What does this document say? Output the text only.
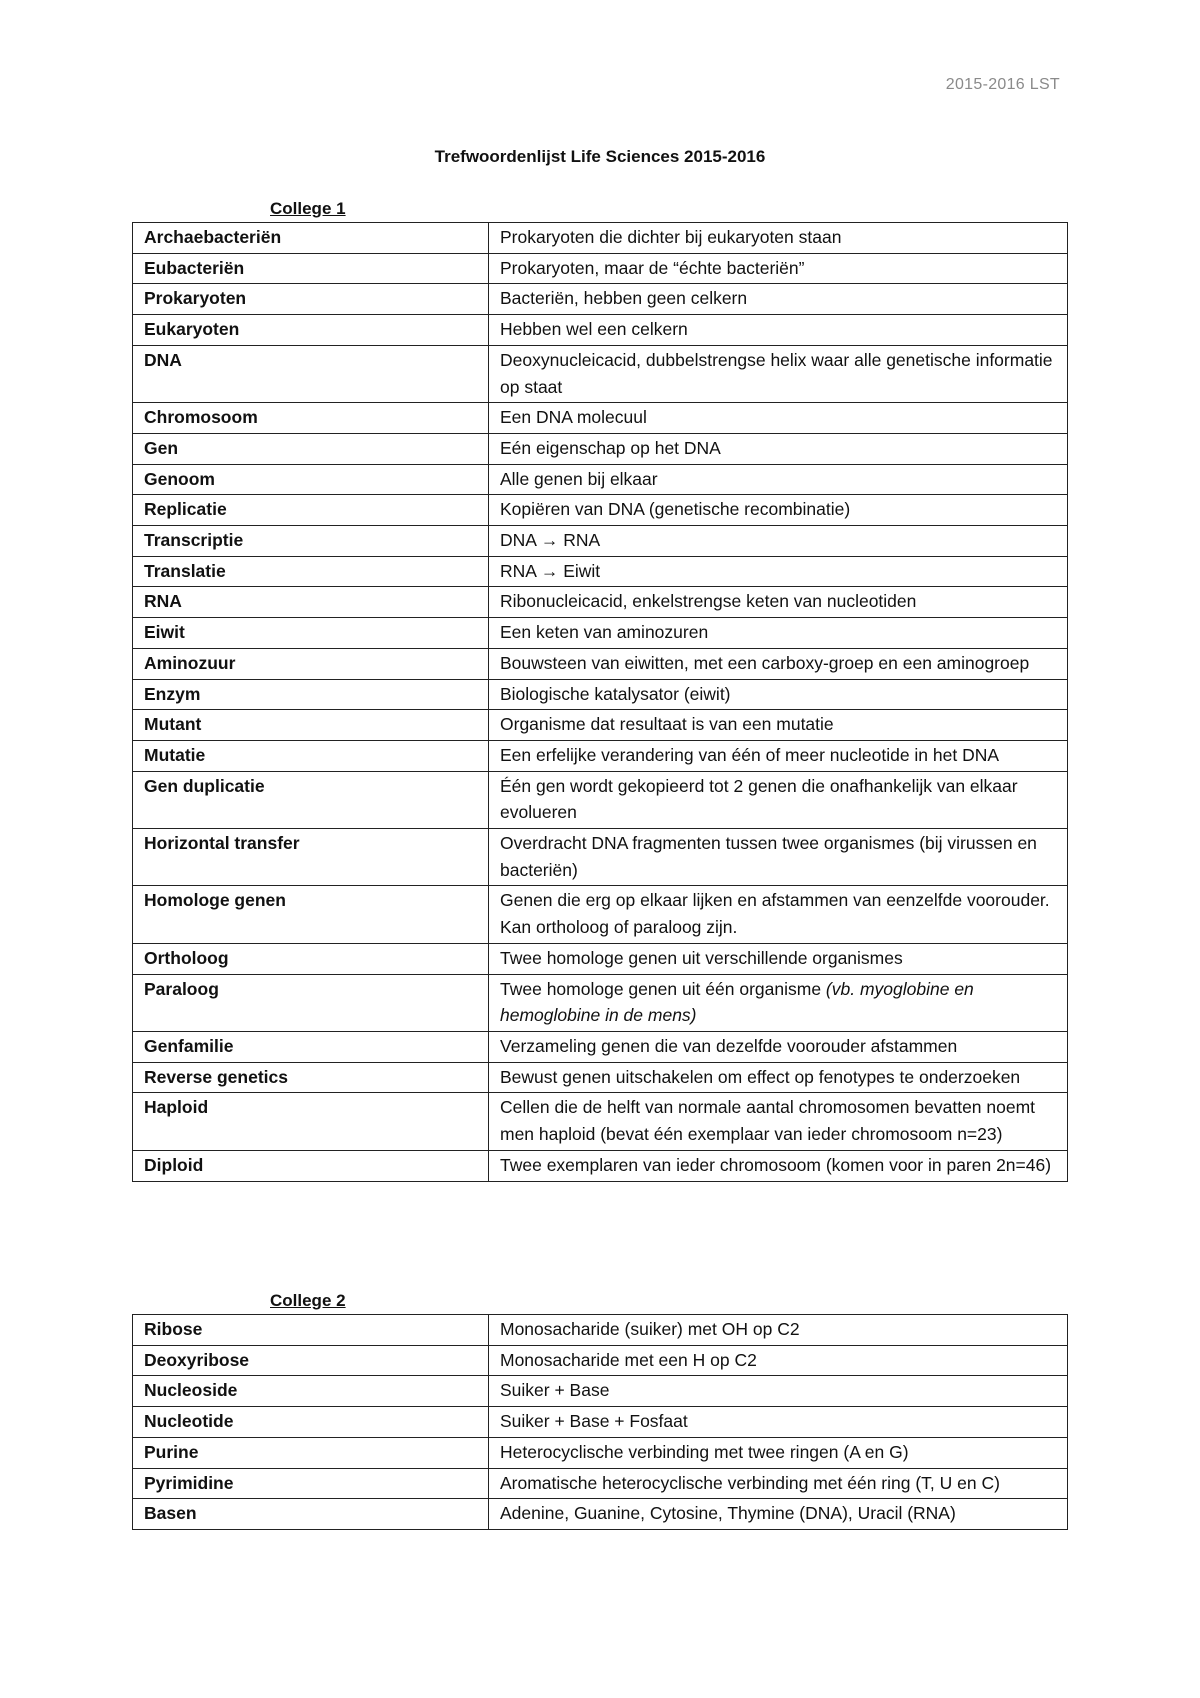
2015-2016 LST
Trefwoordenlijst Life Sciences 2015-2016
College 1
Archaebacteriën	Prokaryoten die dichter bij eukaryoten staan
Eubacteriën	Prokaryoten, maar de “échte bacteriën”
Prokaryoten	Bacteriën, hebben geen celkern
Eukaryoten	Hebben wel een celkern
DNA	Deoxynucleicacid, dubbelstrengse helix waar alle genetische informatie op staat
Chromosoom	Een DNA molecuul
Gen	Eén eigenschap op het DNA
Genoom	Alle genen bij elkaar
Replicatie	Kopiëren van DNA (genetische recombinatie)
Transcriptie	DNA → RNA
Translatie	RNA → Eiwit
RNA	Ribonucleicacid, enkelstrengse keten van nucleotiden
Eiwit	Een keten van aminozuren
Aminozuur	Bouwsteen van eiwitten, met een carboxy-groep en een aminogroep
Enzym	Biologische katalysator (eiwit)
Mutant	Organisme dat resultaat is van een mutatie
Mutatie	Een erfelijke verandering van één of meer nucleotide in het DNA
Gen duplicatie	Één gen wordt gekopieerd tot 2 genen die onafhankelijk van elkaar evolueren
Horizontal transfer	Overdracht DNA fragmenten tussen twee organismes (bij virussen en bacteriën)
Homologe genen	Genen die erg op elkaar lijken en afstammen van eenzelfde voorouder. Kan ortholoog of paraloog zijn.
Ortholoog	Twee homologe genen uit verschillende organismes
Paraloog	Twee homologe genen uit één organisme (vb. myoglobine en hemoglobine in de mens)
Genfamilie	Verzameling genen die van dezelfde voorouder afstammen
Reverse genetics	Bewust genen uitschakelen om effect op fenotypes te onderzoeken
Haploid	Cellen die de helft van normale aantal chromosomen bevatten noemt men haploid (bevat één exemplaar van ieder chromosoom n=23)
Diploid	Twee exemplaren van ieder chromosoom (komen voor in paren 2n=46)
College 2
Ribose	Monosacharide (suiker) met OH op C2
Deoxyribose	Monosacharide met een H op C2
Nucleoside	Suiker + Base
Nucleotide	Suiker + Base + Fosfaat
Purine	Heterocyclische verbinding met twee ringen (A en G)
Pyrimidine	Aromatische heterocyclische verbinding met één ring (T, U en C)
Basen	Adenine, Guanine, Cytosine, Thymine (DNA), Uracil (RNA)
